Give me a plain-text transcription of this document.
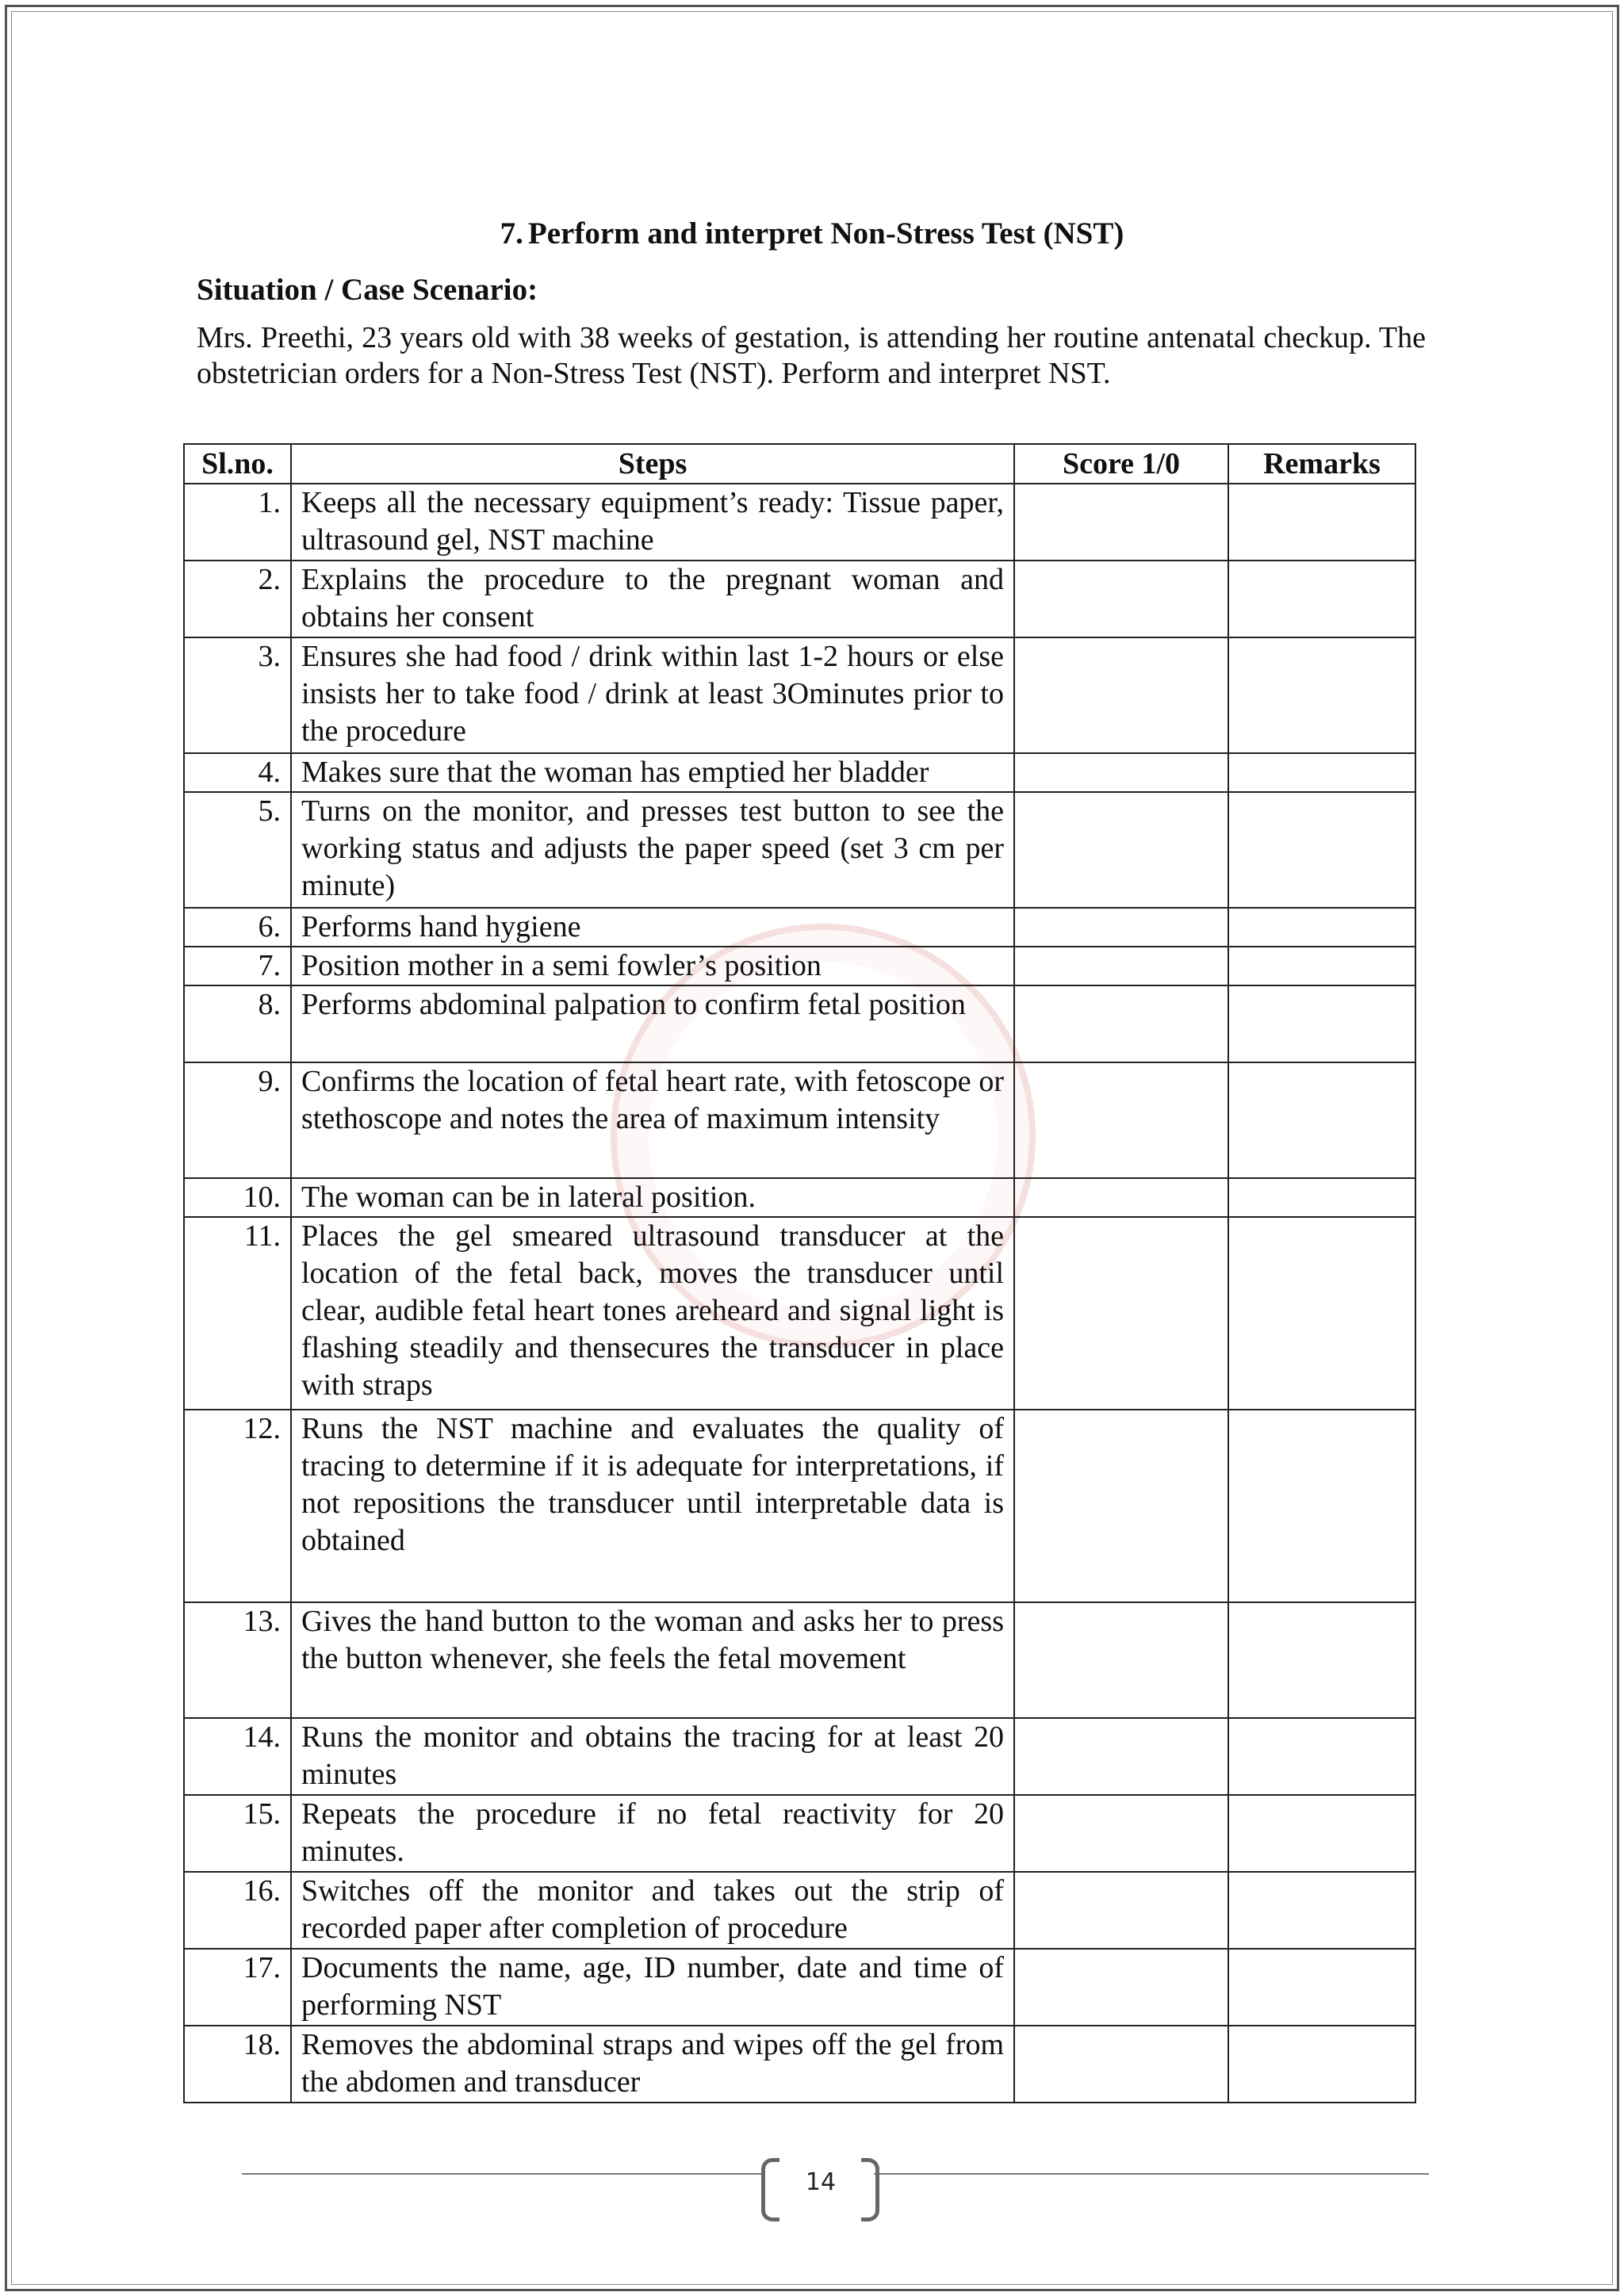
7. Perform and interpret Non-Stress Test (NST)
Situation / Case Scenario:
Mrs. Preethi, 23 years old with 38 weeks of gestation, is attending her routine antenatal checkup. The obstetrician orders for a Non-Stress Test (NST). Perform and interpret NST.
Sl.no.	Steps	Score 1/0	Remarks
1.	Keeps all the necessary equipment’s ready: Tissue paper, ultrasound gel, NST machine		
2.	Explains the procedure to the pregnant woman and obtains her consent		
3.	Ensures she had food / drink within last 1-2 hours or else insists her to take food / drink at least 3Ominutes prior to the procedure		
4.	Makes sure that the woman has emptied her bladder		
5.	Turns on the monitor, and presses test button to see the working status and adjusts the paper speed (set 3 cm per minute)		
6.	Performs hand hygiene		
7.	Position mother in a semi fowler’s position		
8.	Performs abdominal palpation to confirm fetal position		
9.	Confirms the location of fetal heart rate, with fetoscope or stethoscope and notes the area of maximum intensity		
10.	The woman can be in lateral position.		
11.	Places the gel smeared ultrasound transducer at the location of the fetal back, moves the transducer until clear, audible fetal heart tones areheard and signal light is flashing steadily and thensecures the transducer in place with straps		
12.	Runs the NST machine and evaluates the quality of tracing to determine if it is adequate for interpretations, if not repositions the transducer until interpretable data is obtained		
13.	Gives the hand button to the woman and asks her to press the button whenever, she feels the fetal movement		
14.	Runs the monitor and obtains the tracing for at least 20 minutes		
15.	Repeats the procedure if no fetal reactivity for 20 minutes.		
16.	Switches off the monitor and takes out the strip of recorded paper after completion of procedure		
17.	Documents the name, age, ID number, date and time of performing NST		
18.	Removes the abdominal straps and wipes off the gel from the abdomen and transducer		
14
